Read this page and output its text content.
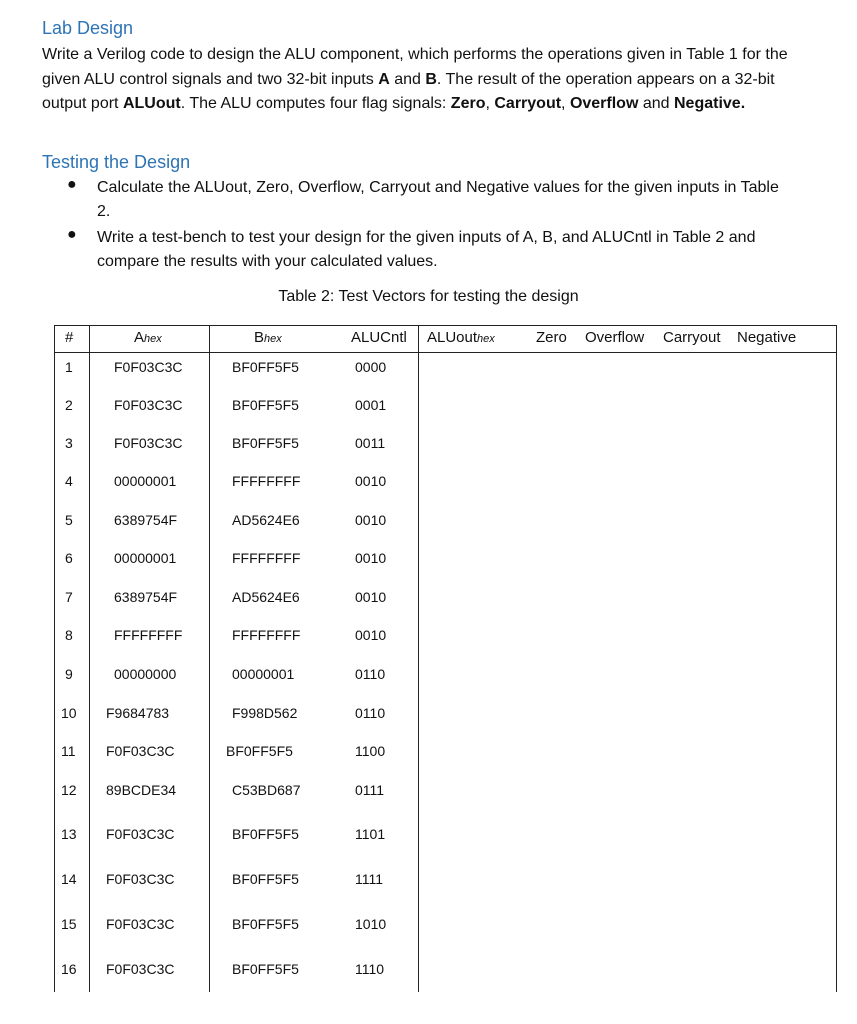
Lab Design
Write a Verilog code to design the ALU component, which performs the operations given in Table 1 for the given ALU control signals and two 32-bit inputs A and B. The result of the operation appears on a 32-bit output port ALUout. The ALU computes four flag signals: Zero, Carryout, Overflow and Negative.
Testing the Design
● Calculate the ALUout, Zero, Overflow, Carryout and Negative values for the given inputs in Table 2.
● Write a test-bench to test your design for the given inputs of A, B, and ALUCntl in Table 2 and compare the results with your calculated values.
Table 2: Test Vectors for testing the design
#	Ahex	Bhex	ALUCntl ALUouthex	Zero Overflow Carryout Negative
1	F0F03C3C	BF0FF5F5	0000
2	F0F03C3C	BF0FF5F5	0001
3	F0F03C3C	BF0FF5F5	0011
4	00000001	FFFFFFFF	0010
5	6389754F	AD5624E6	0010
6	00000001	FFFFFFFF	0010
7	6389754F	AD5624E6	0010
8	FFFFFFFF	FFFFFFFF	0010
9	00000000	00000001	0110
10 F9684783	F998D562	0110
11 F0F03C3C	BF0FF5F5	1100
12 89BCDE34	C53BD687	0111
13 F0F03C3C	BF0FF5F5	1101
14 F0F03C3C	BF0FF5F5	1111
15 F0F03C3C	BF0FF5F5	1010
16 F0F03C3C	BF0FF5F5	1110
